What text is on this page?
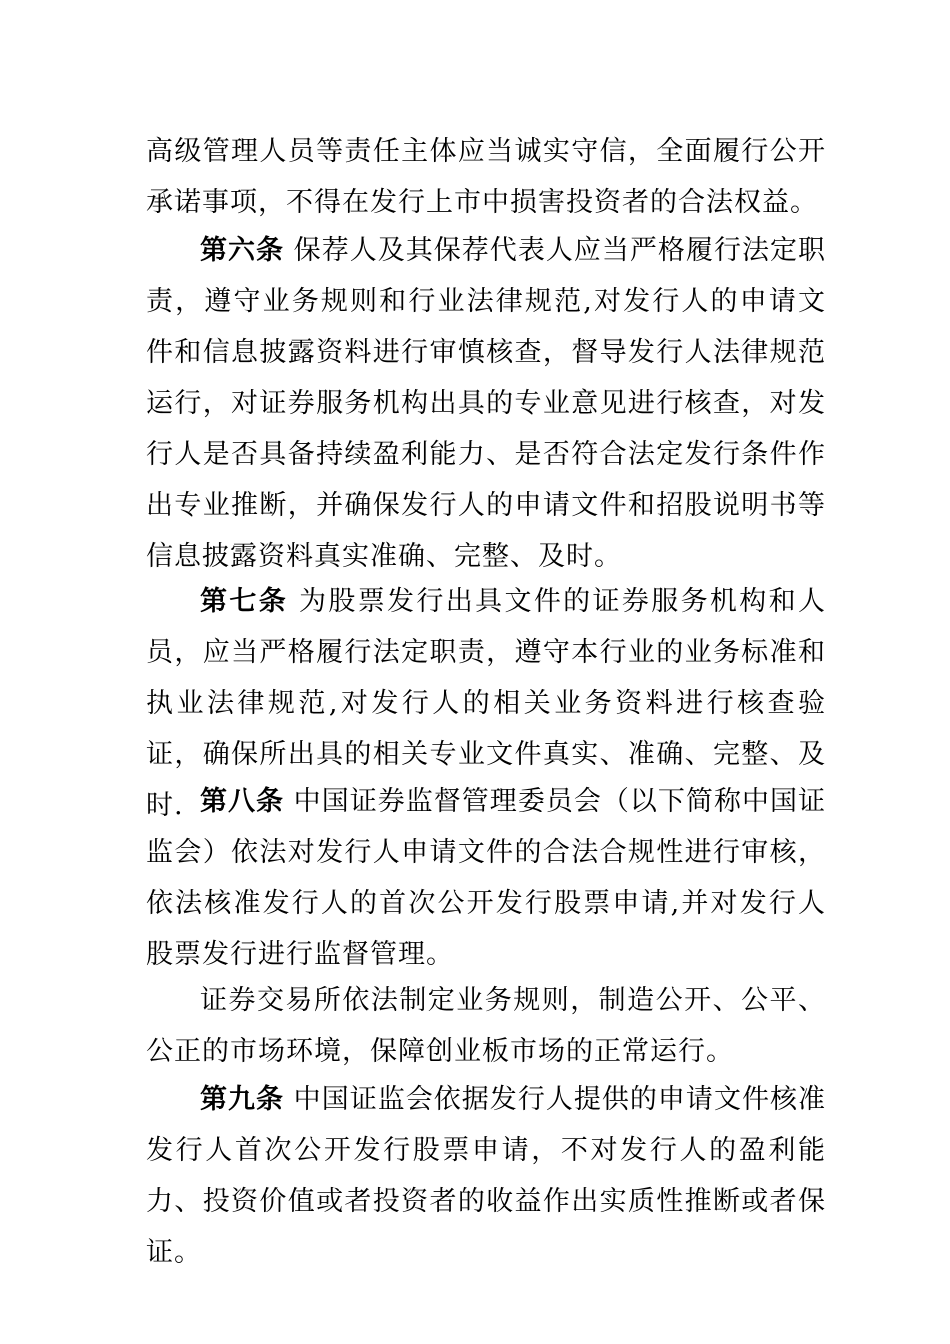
高级管理人员等责任主体应当诚实守信，全面履行公开承诺事项，不得在发行上市中损害投资者的合法权益。

第六条 保荐人及其保荐代表人应当严格履行法定职责，遵守业务规则和行业法律规范,对发行人的申请文件和信息披露资料进行审慎核查，督导发行人法律规范运行，对证券服务机构出具的专业意见进行核查，对发行人是否具备持续盈利能力、是否符合法定发行条件作出专业推断，并确保发行人的申请文件和招股说明书等信息披露资料真实准确、完整、及时。

第七条 为股票发行出具文件的证券服务机构和人员，应当严格履行法定职责，遵守本行业的业务标准和执业法律规范,对发行人的相关业务资料进行核查验证，确保所出具的相关专业文件真实、准确、完整、及时. 第八条 中国证券监督管理委员会（以下简称中国证监会）依法对发行人申请文件的合法合规性进行审核，依法核准发行人的首次公开发行股票申请,并对发行人股票发行进行监督管理。

证券交易所依法制定业务规则，制造公开、公平、公正的市场环境，保障创业板市场的正常运行。

第九条 中国证监会依据发行人提供的申请文件核准发行人首次公开发行股票申请，不对发行人的盈利能力、投资价值或者投资者的收益作出实质性推断或者保证。
